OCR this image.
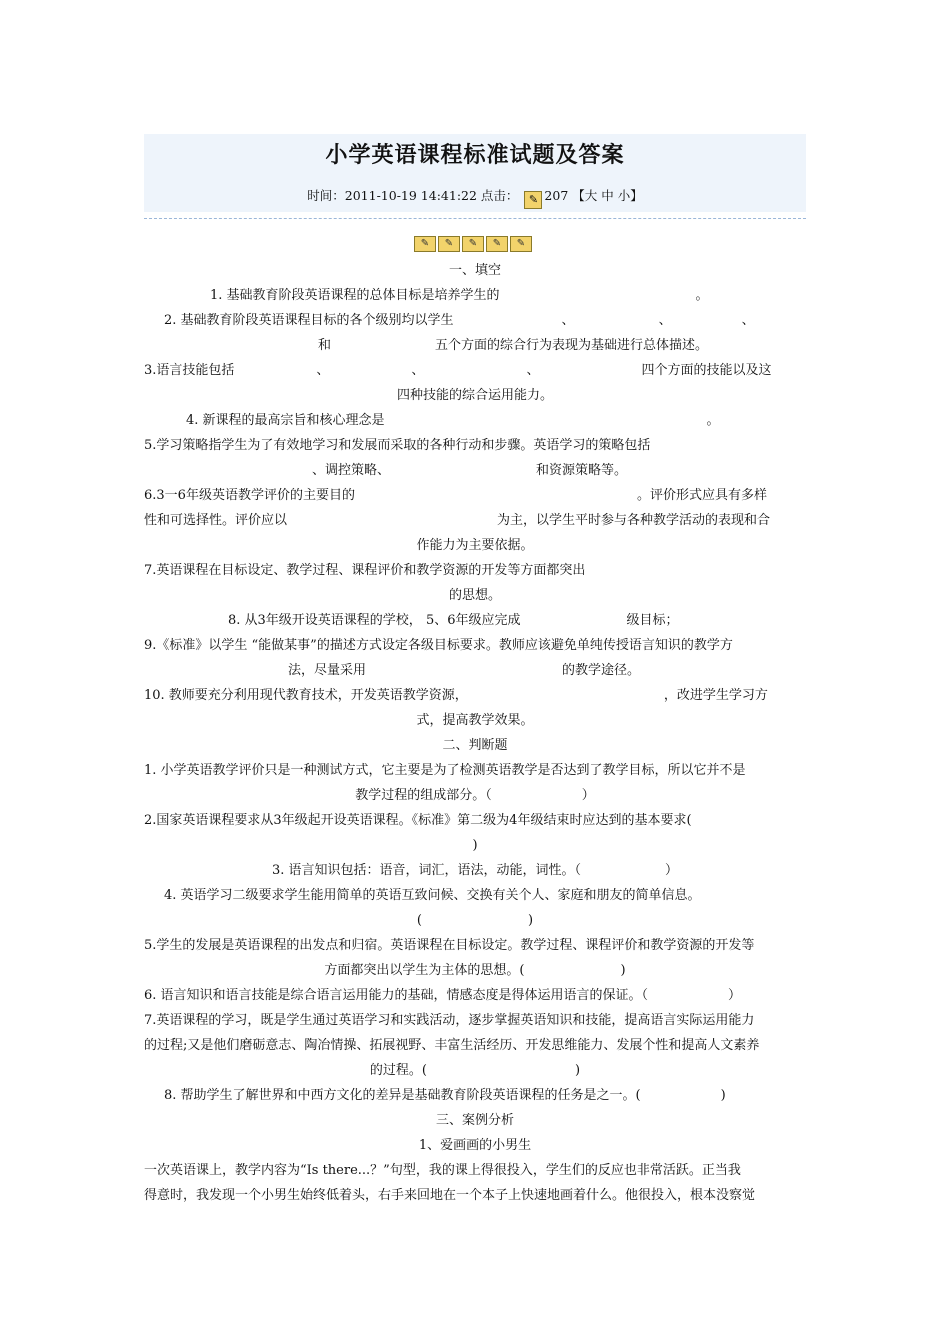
小学英语课程标准试题及答案
时间：2011-10-19 14:41:22 点击： ✎ 207 【大 中 小】
✎	✎	✎	✎	✎

一、填空

1. 基础教育阶段英语课程的总体目标是培养学生的	。

2. 基础教育阶段英语课程目标的各个级别均以学生	、	、	、

和	五个方面的综合行为表现为基础进行总体描述。

3.语言技能包括	、	、	、	四个方面的技能以及这

四种技能的综合运用能力。

4. 新课程的最高宗旨和核心理念是	。

5.学习策略指学生为了有效地学习和发展而采取的各种行动和步骤。英语学习的策略包括

、调控策略、	和资源策略等。

6.3一6年级英语教学评价的主要目的	。评价形式应具有多样

性和可选择性。评价应以	为主，以学生平时参与各种教学活动的表现和合

作能力为主要依据。

7.英语课程在目标设定、教学过程、课程评价和教学资源的开发等方面都突出

的思想。

8. 从3年级开设英语课程的学校， 5、6年级应完成	级目标；

9.《标准》以学生 “能做某事”的描述方式设定各级目标要求。教师应该避免单纯传授语言知识的教学方

法，尽量采用	的教学途径。

10. 教师要充分利用现代教育技术，开发英语教学资源，	，改进学生学习方

式，提高教学效果。

二、判断题

1. 小学英语教学评价只是一种测试方式，它主要是为了检测英语教学是否达到了教学目标，所以它并不是

教学过程的组成部分。（	）

2.国家英语课程要求从3年级起开设英语课程。《标准》第二级为4年级结束时应达到的基本要求(

)

3. 语言知识包括：语音，词汇，语法，动能，词性。（	）

4. 英语学习二级要求学生能用简单的英语互致问候、交换有关个人、家庭和朋友的简单信息。

(	)

5.学生的发展是英语课程的出发点和归宿。英语课程在目标设定。教学过程、课程评价和教学资源的开发等

方面都突出以学生为主体的思想。(	)

6. 语言知识和语言技能是综合语言运用能力的基础，情感态度是得体运用语言的保证。（	）

7.英语课程的学习，既是学生通过英语学习和实践活动，逐步掌握英语知识和技能，提高语言实际运用能力

的过程;又是他们磨砺意志、陶冶情操、拓展视野、丰富生活经历、开发思维能力、发展个性和提高人文素养

的过程。(	)

8. 帮助学生了解世界和中西方文化的差异是基础教育阶段英语课程的任务是之一。(	)

三、案例分析

1、爱画画的小男生

一次英语课上，教学内容为“Is there...？”句型，我的课上得很投入，学生们的反应也非常活跃。正当我

得意时，我发现一个小男生始终低着头，右手来回地在一个本子上快速地画着什么。他很投入，根本没察觉
